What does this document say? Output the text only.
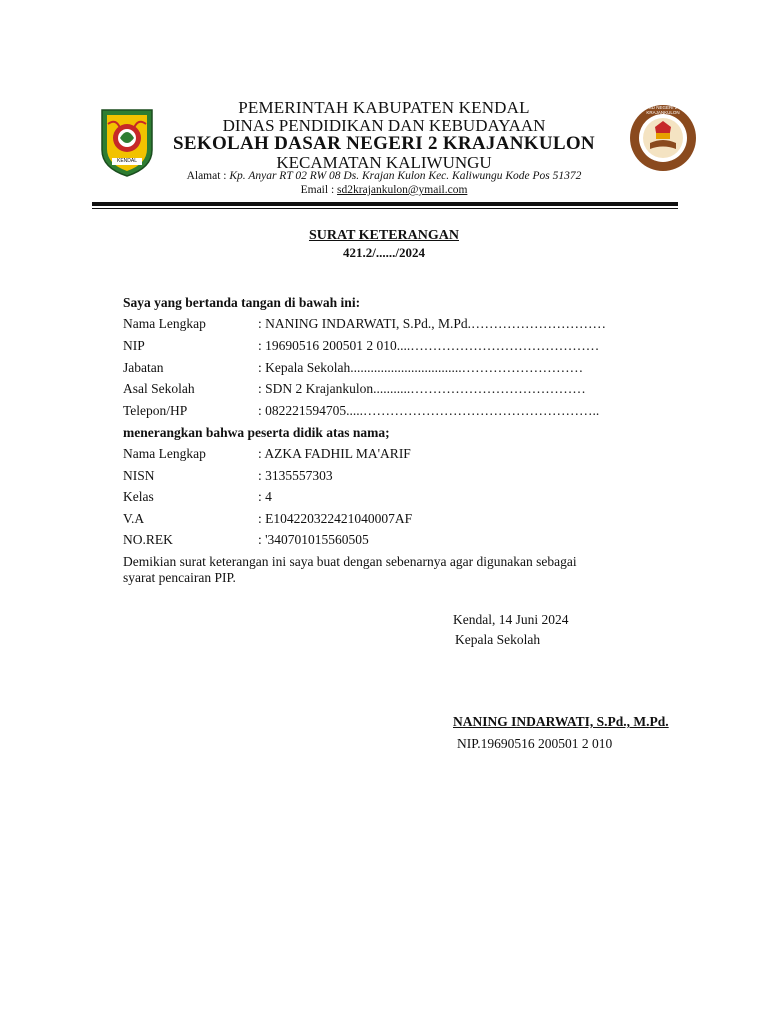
KENDAL
SD NEGERI 2 KRAJANKULON
PEMERINTAH KABUPATEN KENDAL
DINAS PENDIDIKAN DAN KEBUDAYAAN
SEKOLAH DASAR NEGERI 2 KRAJANKULON
KECAMATAN KALIWUNGU
Alamat : Kp. Anyar RT 02 RW 08 Ds. Krajan Kulon Kec. Kaliwungu Kode Pos 51372
Email : sd2krajankulon@ymail.com
SURAT KETERANGAN
421.2/....../2024
Saya yang bertanda tangan di bawah ini:
Nama Lengkap	: NANING INDARWATI, S.Pd., M.Pd.…………………………
NIP	: 19690516 200501 2 010....……………………………………
Jabatan	: Kepala Sekolah.................................………………………
Asal Sekolah	: SDN 2 Krajankulon...........…………………………………
Telepon/HP	: 082221594705.....……………………………………………..
menerangkan bahwa peserta didik atas nama;
Nama Lengkap	: AZKA FADHIL MA'ARIF
NISN	: 3135557303
Kelas	: 4
V.A	: E104220322421040007AF
NO.REK	: '340701015560505
Demikian surat keterangan ini saya buat dengan sebenarnya agar digunakan sebagai
syarat pencairan PIP.
Kendal, 14 Juni 2024
Kepala Sekolah
NANING INDARWATI, S.Pd., M.Pd.
NIP.19690516 200501 2 010
